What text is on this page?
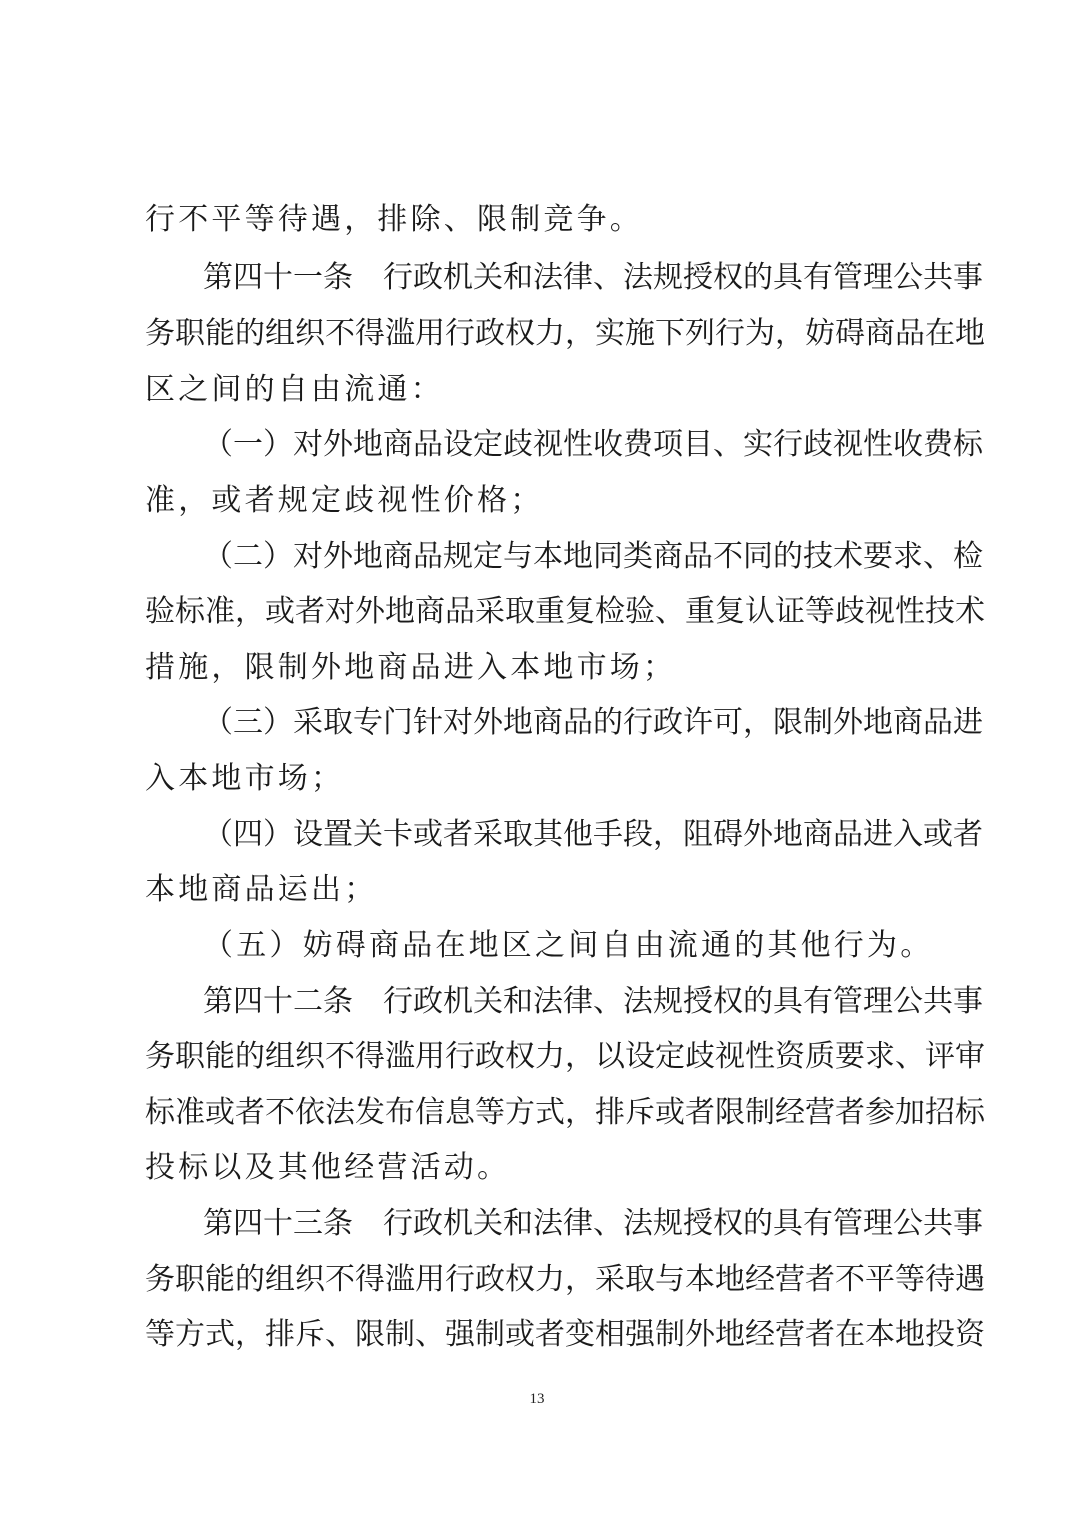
行不平等待遇，排除、限制竞争。
第四十一条　行政机关和法律、法规授权的具有管理公共事
务职能的组织不得滥用行政权力，实施下列行为，妨碍商品在地
区之间的自由流通：
（一）对外地商品设定歧视性收费项目、实行歧视性收费标
准，或者规定歧视性价格；
（二）对外地商品规定与本地同类商品不同的技术要求、检
验标准，或者对外地商品采取重复检验、重复认证等歧视性技术
措施，限制外地商品进入本地市场；
（三）采取专门针对外地商品的行政许可，限制外地商品进
入本地市场；
（四）设置关卡或者采取其他手段，阻碍外地商品进入或者
本地商品运出；
（五）妨碍商品在地区之间自由流通的其他行为。
第四十二条　行政机关和法律、法规授权的具有管理公共事
务职能的组织不得滥用行政权力，以设定歧视性资质要求、评审
标准或者不依法发布信息等方式，排斥或者限制经营者参加招标
投标以及其他经营活动。
第四十三条　行政机关和法律、法规授权的具有管理公共事
务职能的组织不得滥用行政权力，采取与本地经营者不平等待遇
等方式，排斥、限制、强制或者变相强制外地经营者在本地投资
13
